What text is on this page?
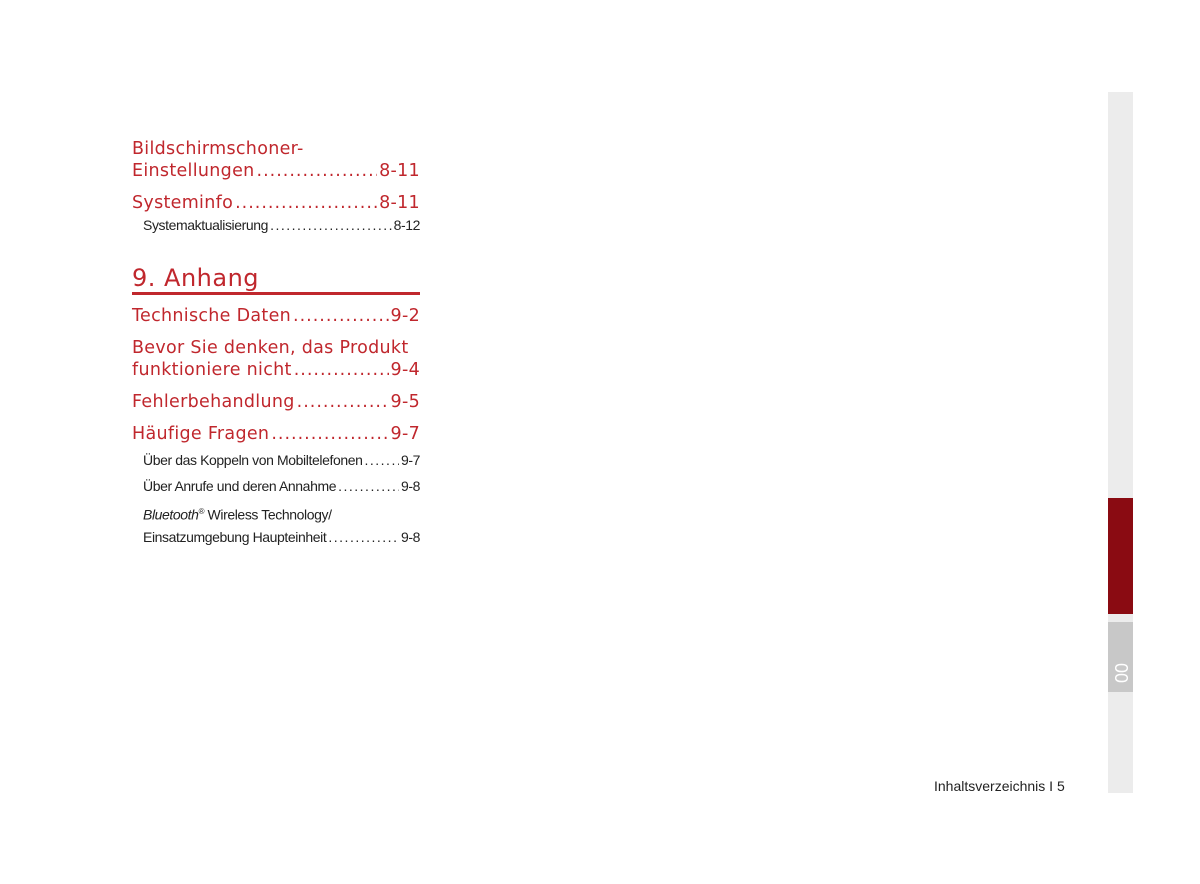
Bildschirmschoner-
Einstellungen .....	8-11
Systeminfo .....	8-11
Systemaktualisierung .....	8-12
9. Anhang
Technische Daten .....	9-2
Bevor Sie denken, das Produkt
funktioniere nicht .....	9-4
Fehlerbehandlung .....	9-5
Häufige Fragen .....	9-7
Über das Koppeln von Mobiltelefonen .....	9-7
Über Anrufe und deren Annahme .....	9-8
Bluetooth® Wireless Technology/
Einsatzumgebung Haupteinheit .....	9-8
00
Inhaltsverzeichnis I 5
